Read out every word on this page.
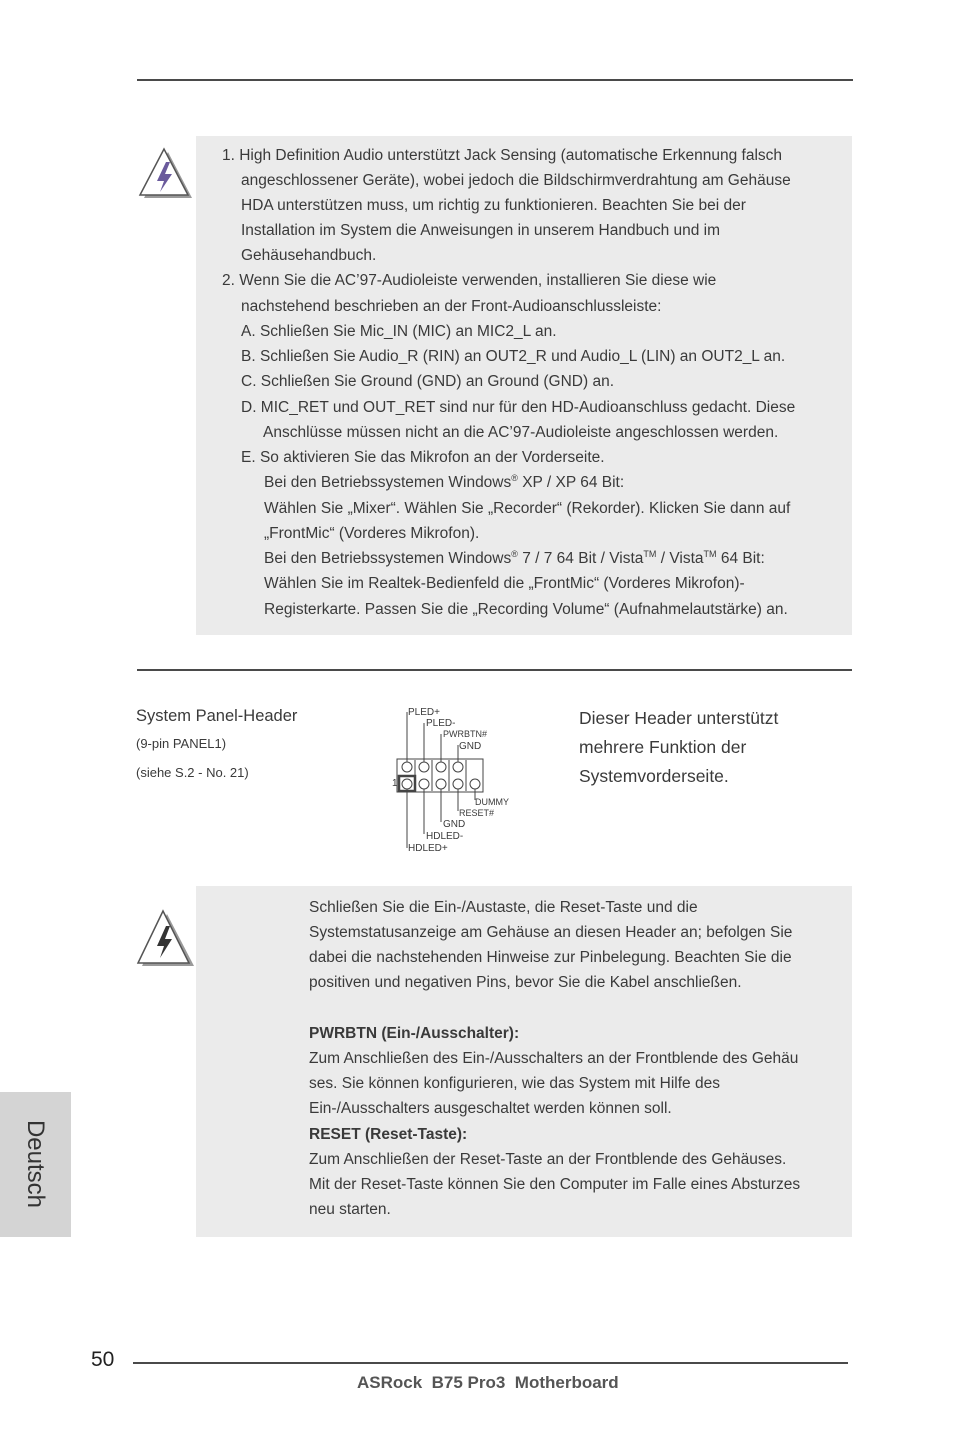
1. High Definition Audio unterstützt Jack Sensing (automatische Erkennung falsch
angeschlossener Geräte), wobei jedoch die Bildschirmverdrahtung am Gehäuse
HDA unterstützen muss, um richtig zu funktionieren. Beachten Sie bei der
Installation im System die Anweisungen in unserem Handbuch und im
Gehäusehandbuch.
2. Wenn Sie die AC’97-Audioleiste verwenden, installieren Sie diese wie
nachstehend beschrieben an der Front-Audioanschlussleiste:
A. Schließen Sie Mic_IN (MIC) an MIC2_L an.
B. Schließen Sie Audio_R (RIN) an OUT2_R und Audio_L (LIN) an OUT2_L an.
C. Schließen Sie Ground (GND) an Ground (GND) an.
D. MIC_RET und OUT_RET sind nur für den HD-Audioanschluss gedacht. Diese
Anschlüsse müssen nicht an die AC’97-Audioleiste angeschlossen werden.
E. So aktivieren Sie das Mikrofon an der Vorderseite.
Bei den Betriebssystemen Windows® XP / XP 64 Bit:
Wählen Sie „Mixer“. Wählen Sie „Recorder“ (Rekorder). Klicken Sie dann auf
„FrontMic“ (Vorderes Mikrofon).
Bei den Betriebssystemen Windows® 7 / 7 64 Bit / Vista™ / Vista™ 64 Bit:
Wählen Sie im Realtek-Bedienfeld die „FrontMic“ (Vorderes Mikrofon)-
Registerkarte. Passen Sie die „Recording Volume“ (Aufnahmelautstärke) an.
System Panel-Header
(9-pin PANEL1)
(siehe S.2 - No. 21)
Dieser Header unterstützt
mehrere Funktion der
Systemvorderseite.
1
PLED+
PLED-
PWRBTN#
GND
DUMMY
RESET#
GND
HDLED-
HDLED+
Schließen Sie die Ein-/Austaste, die Reset-Taste und die
Systemstatusanzeige am Gehäuse an diesen Header an; befolgen Sie
dabei die nachstehenden Hinweise zur Pinbelegung. Beachten Sie die
positiven und negativen Pins, bevor Sie die Kabel anschließen.
PWRBTN (Ein-/Ausschalter):
Zum Anschließen des Ein-/Ausschalters an der Frontblende des Gehäu
ses. Sie können konfigurieren, wie das System mit Hilfe des
Ein-/Ausschalters ausgeschaltet werden können soll.
RESET (Reset-Taste):
Zum Anschließen der Reset-Taste an der Frontblende des Gehäuses.
Mit der Reset-Taste können Sie den Computer im Falle eines Absturzes
neu starten.
Deutsch
50
ASRock  B75 Pro3  Motherboard
